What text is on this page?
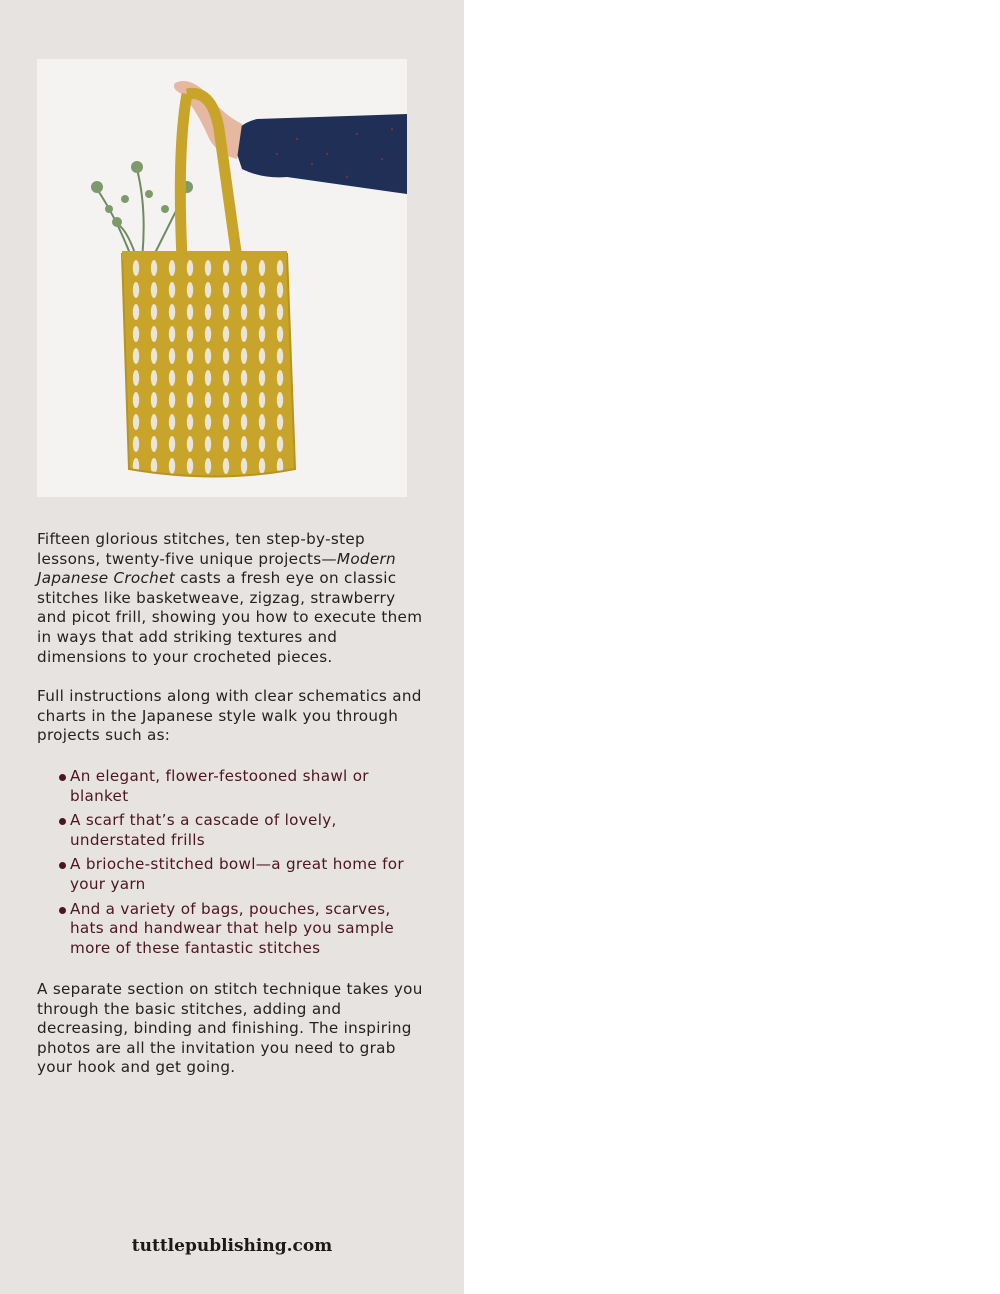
Fifteen glorious stitches, ten step-by-step lessons, twenty-five unique projects—Modern Japanese Crochet casts a fresh eye on classic stitches like basketweave, zigzag, strawberry and picot frill, showing you how to execute them in ways that add striking textures and dimensions to your crocheted pieces.
Full instructions along with clear schematics and charts in the Japanese style walk you through projects such as:
An elegant, flower-festooned shawl or blanket
A scarf that’s a cascade of lovely, understated frills
A brioche-stitched bowl—a great home for your yarn
And a variety of bags, pouches, scarves, hats and handwear that help you sample more of these fantastic stitches
A separate section on stitch technique takes you through the basic stitches, adding and decreasing, binding and finishing. The inspiring photos are all the invitation you need to grab your hook and get going.
tuttlepublishing.com
